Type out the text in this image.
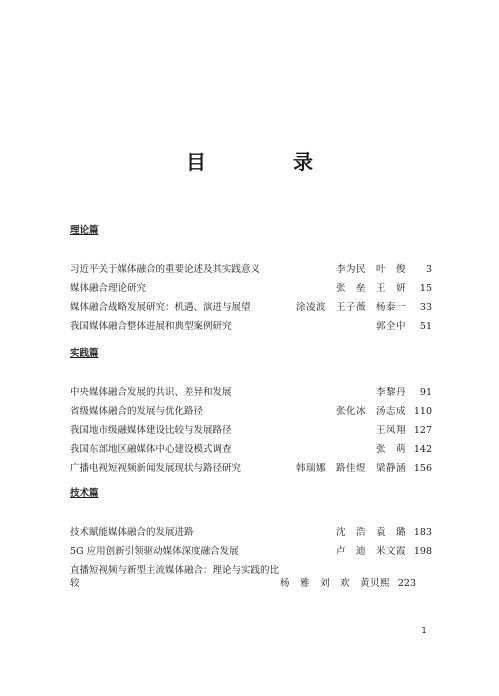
目 录
理论篇
习近平关于媒体融合的重要论述及其实践意义	李为民　叶　俊	3
媒体融合理论研究	张　垒　王　妍	15
媒体融合战略发展研究：机遇、演进与展望	涂凌波　王子薇　杨泰一	33
我国媒体融合整体进展和典型案例研究	郭全中	51
实践篇
中央媒体融合发展的共识、差异和发展	李黎丹	91
省级媒体融合的发展与优化路径	张化冰　汤志成 110
我国地市级融媒体建设比较与发展路径	王凤翔 127
我国东部地区融媒体中心建设模式调查	张　萌 142
广播电视短视频新闻发展现状与路径研究	韩瑞娜　路佳煜　梁静涵 156
技术篇
技术赋能媒体融合的发展进路	沈　浩　袁　璐 183
5G 应用创新引领驱动媒体深度融合发展	卢　迪　米文霞 198
直播短视频与新型主流媒体融合：理论与实践的比较	杨　雅　刘　欢　黄贝熙 223
1
